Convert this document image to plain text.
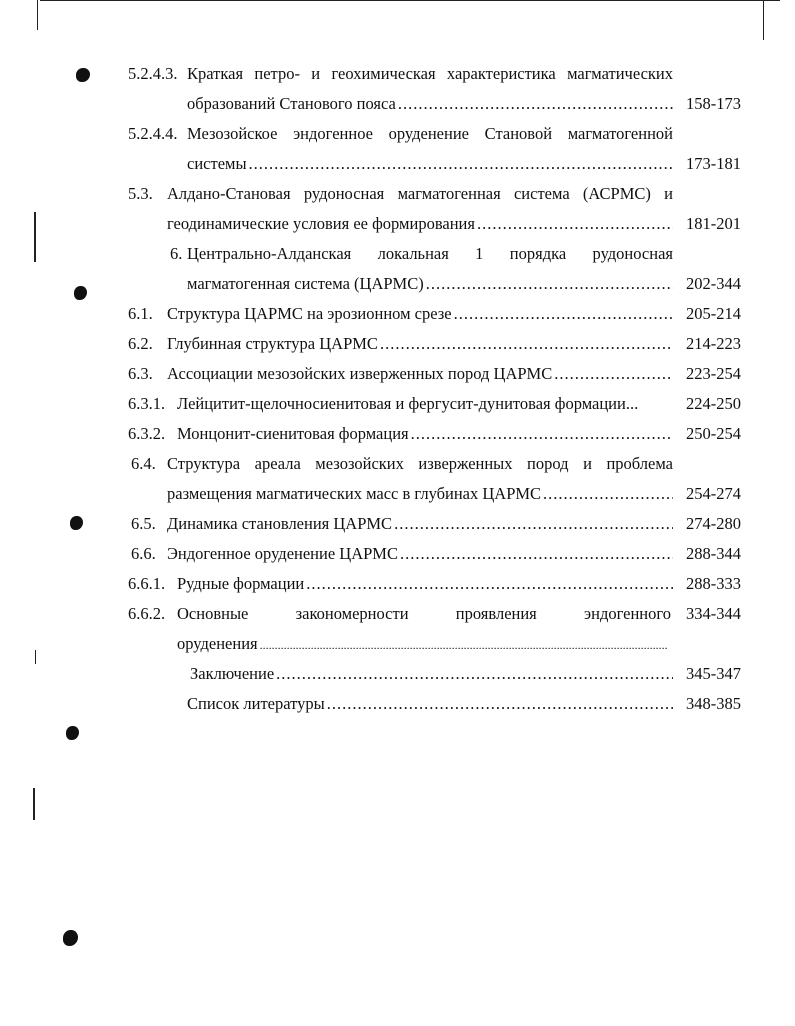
5.2.4.3. Краткая петро- и геохимическая характеристика магматических
образований Станового пояса .....	158-173
5.2.4.4. Мезозойское эндогенное оруденение Становой магматогенной
системы .....	173-181
5.3. Алдано-Становая рудоносная магматогенная система (АСРМС) и
геодинамические условия ее формирования .....	181-201
6. Центрально-Алданская локальная 1 порядка рудоносная
магматогенная система (ЦАРМС) .....	202-344
6.1. Структура ЦАРМС на эрозионном срезе .....	205-214
6.2. Глубинная структура ЦАРМС .....	214-223
6.3. Ассоциации мезозойских изверженных пород ЦАРМС .....	223-254
6.3.1. Лейцитит-щелочносиенитовая и фергусит-дунитовая формации...	224-250
6.3.2. Монцонит-сиенитовая формация .....	250-254
6.4. Структура ареала мезозойских изверженных пород и проблема
размещения магматических масс в глубинах ЦАРМС .....	254-274
6.5. Динамика становления ЦАРМС .....	274-280
6.6. Эндогенное оруденение ЦАРМС .....	288-344
6.6.1. Рудные формации .....	288-333
6.6.2. Основные закономерности проявления эндогенного 334-344
оруденения
.....
Заключение .....	345-347
Список литературы .....	348-385
